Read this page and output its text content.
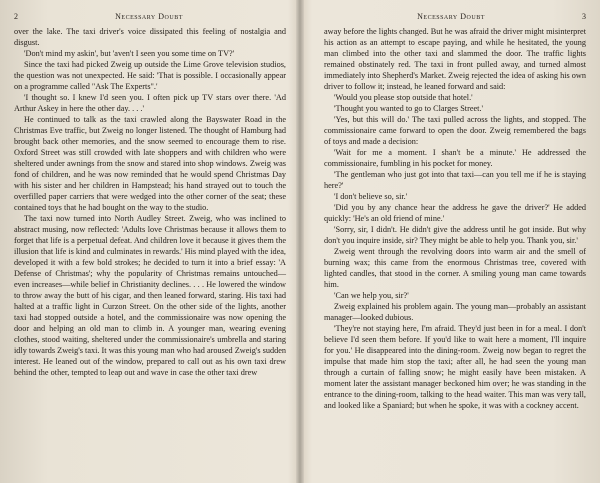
2	Necessary Doubt

over the lake. The taxi driver's voice dissipated this feeling of nostalgia and disgust.

'Don't mind my askin', but 'aven't I seen you some time on TV?'

Since the taxi had picked Zweig up outside the Lime Grove television studios, the question was not unexpected. He said: 'That is possible. I occasionally appear on a programme called "Ask The Experts".'

'I thought so. I knew I'd seen you. I often pick up TV stars over there. 'Ad Arthur Askey in here the other day. . . .'

He continued to talk as the taxi crawled along the Bayswater Road in the Christmas Eve traffic, but Zweig no longer listened. The thought of Hamburg had brought back other memories, and the snow seemed to encourage them to rise. Oxford Street was still crowded with late shoppers and with children who were sheltered under awnings from the snow and stared into shop windows. Zweig was fond of children, and he was now reminded that he would spend Christmas Day with his sister and her children in Hampstead; his hand strayed out to touch the overfilled paper carriers that were wedged into the other corner of the seat; these contained toys that he had bought on the way to the studio.

The taxi now turned into North Audley Street. Zweig, who was inclined to abstract musing, now reflected: 'Adults love Christmas because it allows them to forget that life is a perpetual defeat. And children love it because it gives them the illusion that life is kind and culminates in rewards.' His mind played with the idea, developed it with a few bold strokes; he decided to turn it into a brief essay: 'A Defense of Christmas'; why the popularity of Christmas remains untouched—even increases—while belief in Christianity declines. . . . He lowered the window to throw away the butt of his cigar, and then leaned forward, staring. His taxi had halted at a traffic light in Curzon Street. On the other side of the lights, another taxi had stopped outside a hotel, and the commissionaire was now opening the door and helping an old man to climb in. A younger man, wearing evening clothes, stood waiting, sheltered under the commissionaire's umbrella and staring idly towards Zweig's taxi. It was this young man who had aroused Zweig's sudden interest. He leaned out of the window, prepared to call out as his own taxi drew behind the other, tempted to leap out and wave in case the other taxi drew

Necessary Doubt	3

away before the lights changed. But he was afraid the driver might misinterpret his action as an attempt to escape paying, and while he hesitated, the young man climbed into the other taxi and slammed the door. The traffic lights remained obstinately red. The taxi in front pulled away, and turned almost immediately into Shepherd's Market. Zweig rejected the idea of asking his own driver to follow it; instead, he leaned forward and said:

'Would you please stop outside that hotel.'

'Thought you wanted to go to Clarges Street.'

'Yes, but this will do.' The taxi pulled across the lights, and stopped. The commissionaire came forward to open the door. Zweig remembered the bags of toys and made a decision:

'Wait for me a moment. I shan't be a minute.' He addressed the commissionaire, fumbling in his pocket for money.

'The gentleman who just got into that taxi—can you tell me if he is staying here?'

'I don't believe so, sir.'

'Did you by any chance hear the address he gave the driver?' He added quickly: 'He's an old friend of mine.'

'Sorry, sir, I didn't. He didn't give the address until he got inside. But why don't you inquire inside, sir? They might be able to help you. Thank you, sir.'

Zweig went through the revolving doors into warm air and the smell of burning wax; this came from the enormous Christmas tree, covered with lighted candles, that stood in the corner. A smiling young man came towards him.

'Can we help you, sir?'

Zweig explained his problem again. The young man—probably an assistant manager—looked dubious.

'They're not staying here, I'm afraid. They'd just been in for a meal. I don't believe I'd seen them before. If you'd like to wait here a moment, I'll inquire for you.' He disappeared into the dining-room. Zweig now began to regret the impulse that made him stop the taxi; after all, he had seen the young man through a curtain of falling snow; he might easily have been mistaken. A moment later the assistant manager beckoned him over; he was standing in the entrance to the dining-room, talking to the head waiter. This man was very tall, and looked like a Spaniard; but when he spoke, it was with a cockney accent.
